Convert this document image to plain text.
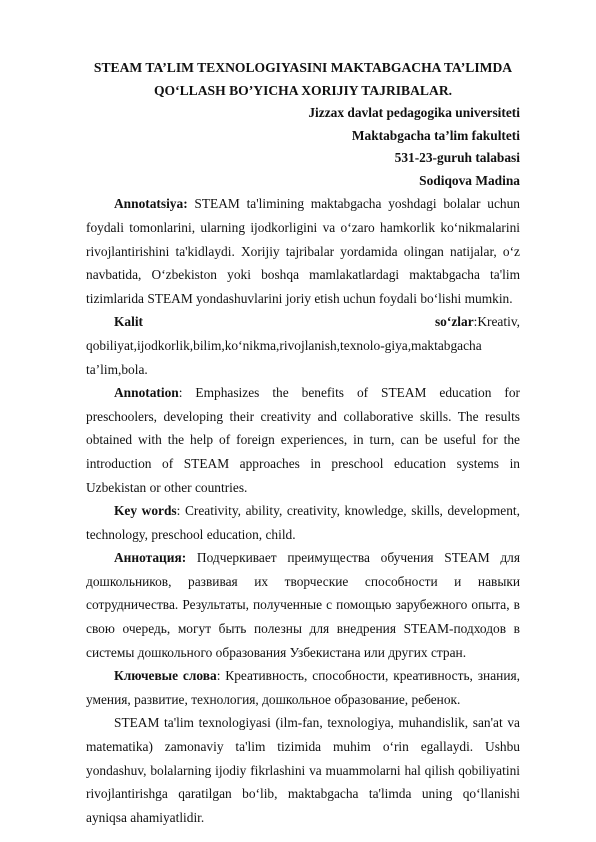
STEAM TA’LIM TEXNOLOGIYASINI MAKTABGACHA TA’LIMDA

QO‘LLASH BO’YICHA XORIJIY TAJRIBALAR.

Jizzax davlat pedagogika universiteti

Maktabgacha ta’lim fakulteti

531-23-guruh talabasi

Sodiqova Madina

Annotatsiya: STEAM ta'limining maktabgacha yoshdagi bolalar uchun foydali tomonlarini, ularning ijodkorligini va o‘zaro hamkorlik ko‘nikmalarini rivojlantirishini ta'kidlaydi. Xorijiy tajribalar yordamida olingan natijalar, o‘z navbatida, O‘zbekiston yoki boshqa mamlakatlardagi maktabgacha ta'lim tizimlarida STEAM yondashuvlarini joriy etish uchun foydali bo‘lishi mumkin.

Kalit so‘zlar:Kreativ, qobiliyat,ijodkorlik,bilim,ko‘nikma,rivojlanish,texnolo-giya,maktabgacha ta’lim,bola.

Annotation: Emphasizes the benefits of STEAM education for preschoolers, developing their creativity and collaborative skills. The results obtained with the help of foreign experiences, in turn, can be useful for the introduction of STEAM approaches in preschool education systems in Uzbekistan or other countries.

Key words: Creativity, ability, creativity, knowledge, skills, development, technology, preschool education, child.

Аннотация: Подчеркивает преимущества обучения STEAM для дошкольников, развивая их творческие способности и навыки сотрудничества. Результаты, полученные с помощью зарубежного опыта, в свою очередь, могут быть полезны для внедрения STEAM-подходов в системы дошкольного образования Узбекистана или других стран.

Ключевые слова: Креативность, способности, креативность, знания, умения, развитие, технология, дошкольное образование, ребенок.

STEAM ta'lim texnologiyasi (ilm-fan, texnologiya, muhandislik, san'at va matematika) zamonaviy ta'lim tizimida muhim o‘rin egallaydi. Ushbu yondashuv, bolalarning ijodiy fikrlashini va muammolarni hal qilish qobiliyatini rivojlantirishga qaratilgan bo‘lib, maktabgacha ta'limda uning qo‘llanishi ayniqsa ahamiyatlidir.
